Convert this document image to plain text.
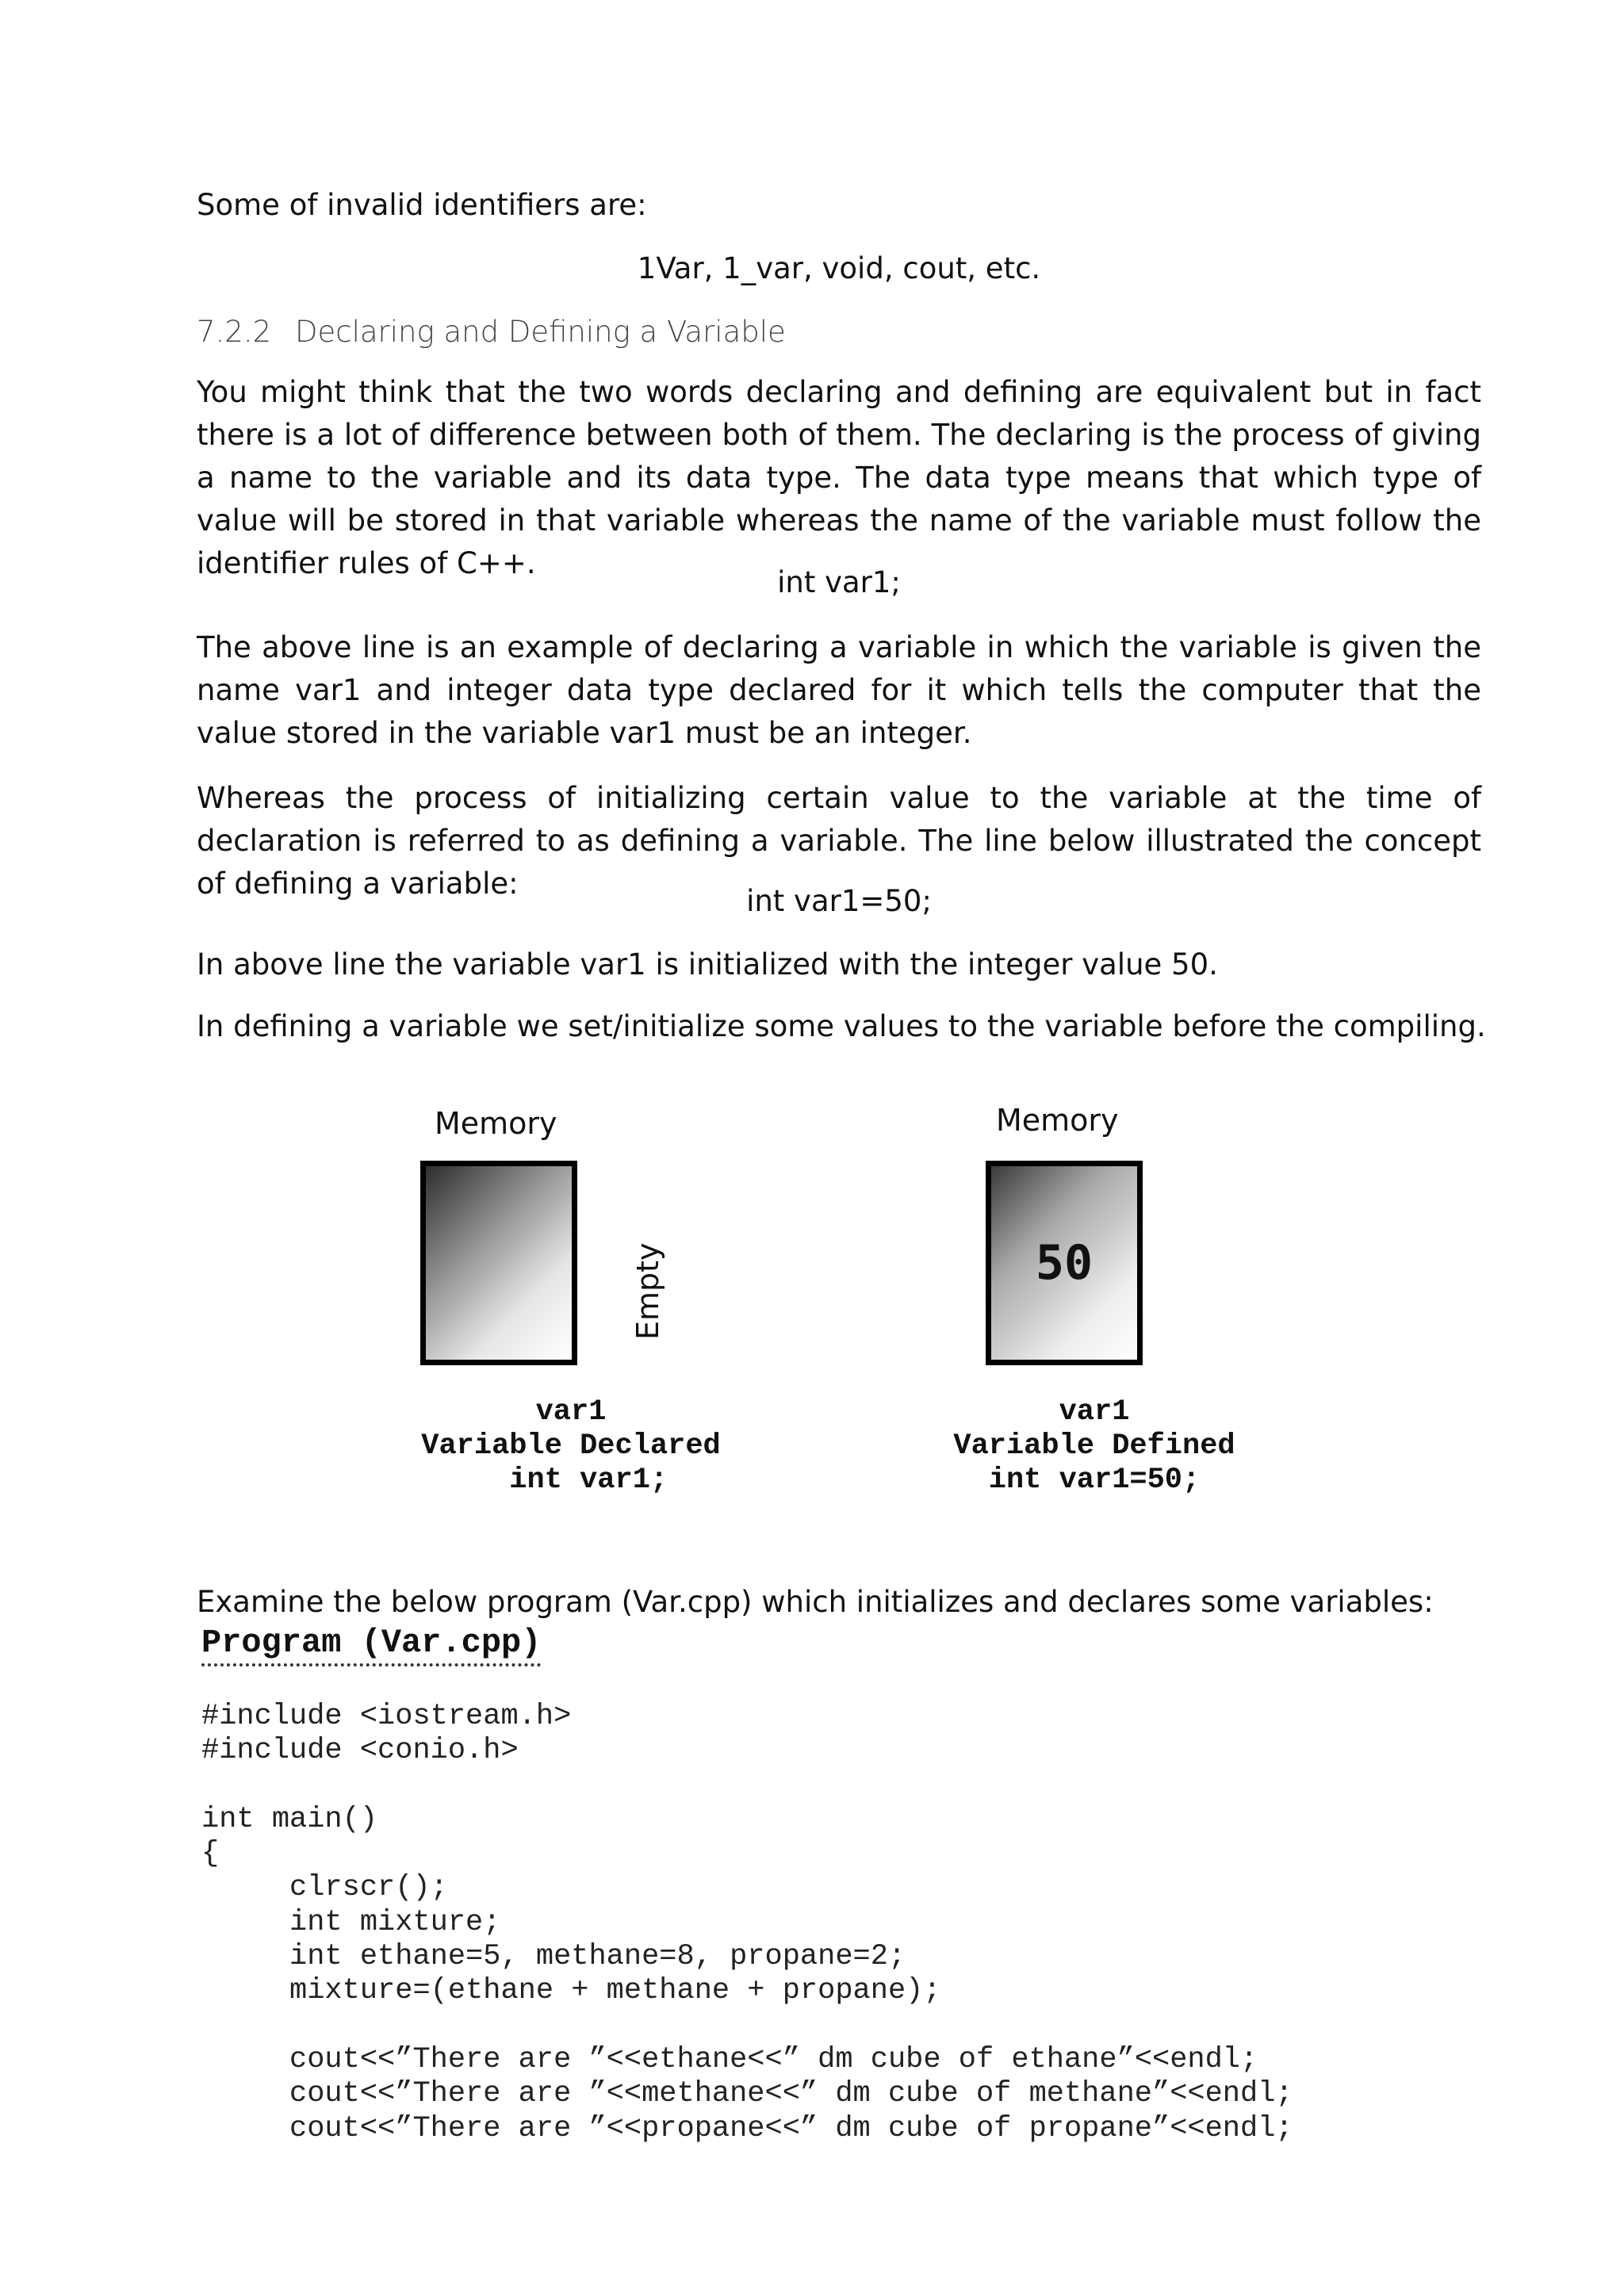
Some of invalid identifiers are:

1Var, 1_var, void, cout, etc.

7.2.2 Declaring and Defining a Variable

You might think that the two words declaring and defining are equivalent but in fact there is a lot of difference between both of them. The declaring is the process of giving a name to the variable and its data type. The data type means that which type of value will be stored in that variable whereas the name of the variable must follow the identifier rules of C++.

int var1;

The above line is an example of declaring a variable in which the variable is given the name var1 and integer data type declared for it which tells the computer that the value stored in the variable var1 must be an integer.

Whereas the process of initializing certain value to the variable at the time of declaration is referred to as defining a variable. The line below illustrated the concept of defining a variable:

int var1=50;

In above line the variable var1 is initialized with the integer value 50.

In defining a variable we set/initialize some values to the variable before the compiling.

Memory
Empty
var1
Variable Declared
int var1;
Memory
50
var1
Variable Defined
int var1=50;

Examine the below program (Var.cpp) which initializes and declares some variables:

Program (Var.cpp)
#include <iostream.h>
#include <conio.h>

int main()
{
clrscr();
int mixture;
int ethane=5, methane=8, propane=2;
mixture=(ethane + methane + propane);

cout<<”There are ”<<ethane<<” dm cube of ethane”<<endl;
cout<<”There are ”<<methane<<” dm cube of methane”<<endl;
cout<<”There are ”<<propane<<” dm cube of propane”<<endl;
